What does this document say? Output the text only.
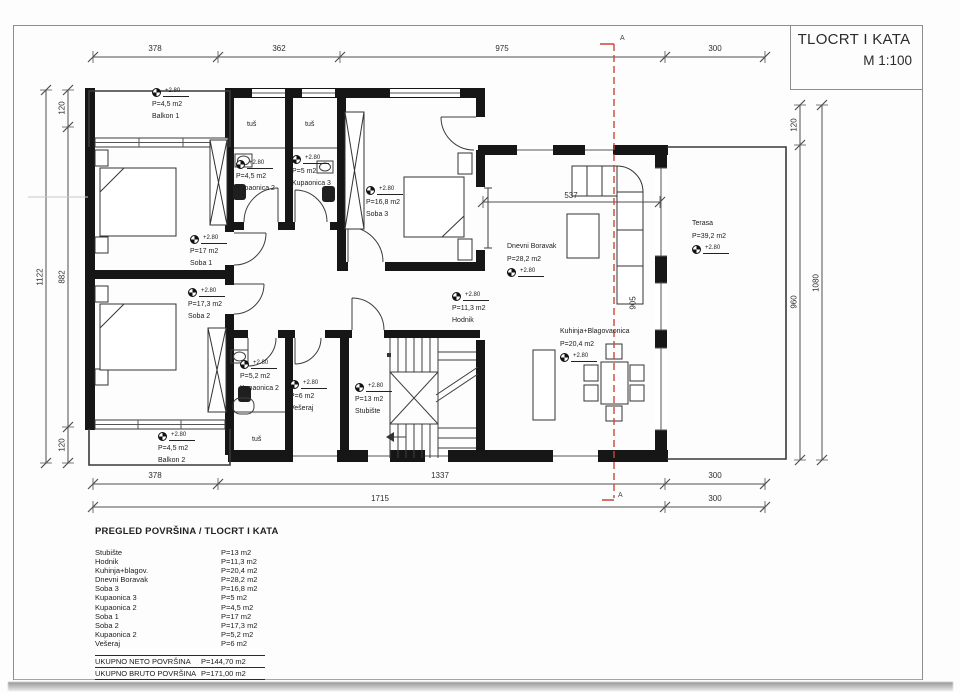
TLOCRT I KATA
M 1:100
A
A
+2.80
P=4,5 m2
Balkon 1
+2.80
P=4,5 m2
Kupaonica 2
+2.80
P=5 m2
Kupaonica 3
+2.80
P=16,8 m2
Soba 3
+2.80
P=17 m2
Soba 1
+2.80
P=17,3 m2
Soba 2
+2.80
P=11,3 m2
Hodnik
Dnevni Boravak
P=28,2 m2
+2.80
Terasa
P=39,2 m2
+2.80
Kuhinja+Blagovaonica
P=20,4 m2
+2.80
+2.80
P=5,2 m2
Kupaonica 2
+2.80
P=6 m2
Vešeraj
+2.80
P=13 m2
Stubište
+2.80
P=4,5 m2
Balkon 2
tuš	tuš
tuš
378	362	975	300
378	1337	300
1715	300
120
882
120
1122
120
960
1080
537
905
PREGLED POVRŠINA / TLOCRT I KATA
Stubište	P=13 m2
Hodnik	P=11,3 m2
Kuhinja+blagov.	P=20,4 m2
Dnevni Boravak	P=28,2 m2
Soba 3	P=16,8 m2
Kupaonica 3	P=5 m2
Kupaonica 2	P=4,5 m2
Soba 1	P=17 m2
Soba 2	P=17,3 m2
Kupaonica 2	P=5,2 m2
Vešeraj	P=6 m2
UKUPNO NETO POVRŠINA P=144,70 m2
UKUPNO BRUTO POVRŠINA P=171,00 m2
